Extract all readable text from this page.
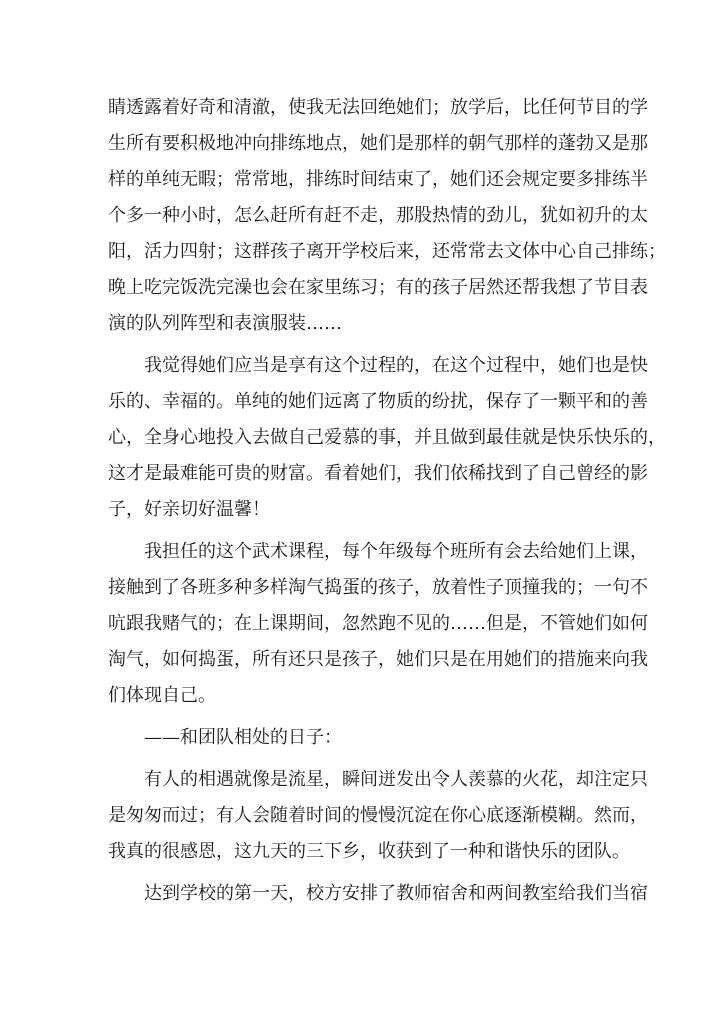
睛透露着好奇和清澈，使我无法回绝她们；放学后，比任何节目的学
生所有要积极地冲向排练地点，她们是那样的朝气那样的蓬勃又是那
样的单纯无暇；常常地，排练时间结束了，她们还会规定要多排练半
个多一种小时，怎么赶所有赶不走，那股热情的劲儿，犹如初升的太
阳，活力四射；这群孩子离开学校后来，还常常去文体中心自己排练；
晚上吃完饭洗完澡也会在家里练习；有的孩子居然还帮我想了节目表
演的队列阵型和表演服装……
我觉得她们应当是享有这个过程的，在这个过程中，她们也是快
乐的、幸福的。单纯的她们远离了物质的纷扰，保存了一颗平和的善
心，全身心地投入去做自己爱慕的事，并且做到最佳就是快乐快乐的，
这才是最难能可贵的财富。看着她们，我们依稀找到了自己曾经的影
子，好亲切好温馨！
我担任的这个武术课程，每个年级每个班所有会去给她们上课，
接触到了各班多种多样淘气捣蛋的孩子，放着性子顶撞我的；一句不
吭跟我赌气的；在上课期间，忽然跑不见的……但是，不管她们如何
淘气，如何捣蛋，所有还只是孩子，她们只是在用她们的措施来向我
们体现自己。
——和团队相处的日子：
有人的相遇就像是流星，瞬间迸发出令人羡慕的火花，却注定只
是匆匆而过；有人会随着时间的慢慢沉淀在你心底逐渐模糊。然而，
我真的很感恩，这九天的三下乡，收获到了一种和谐快乐的团队。
达到学校的第一天，校方安排了教师宿舍和两间教室给我们当宿
